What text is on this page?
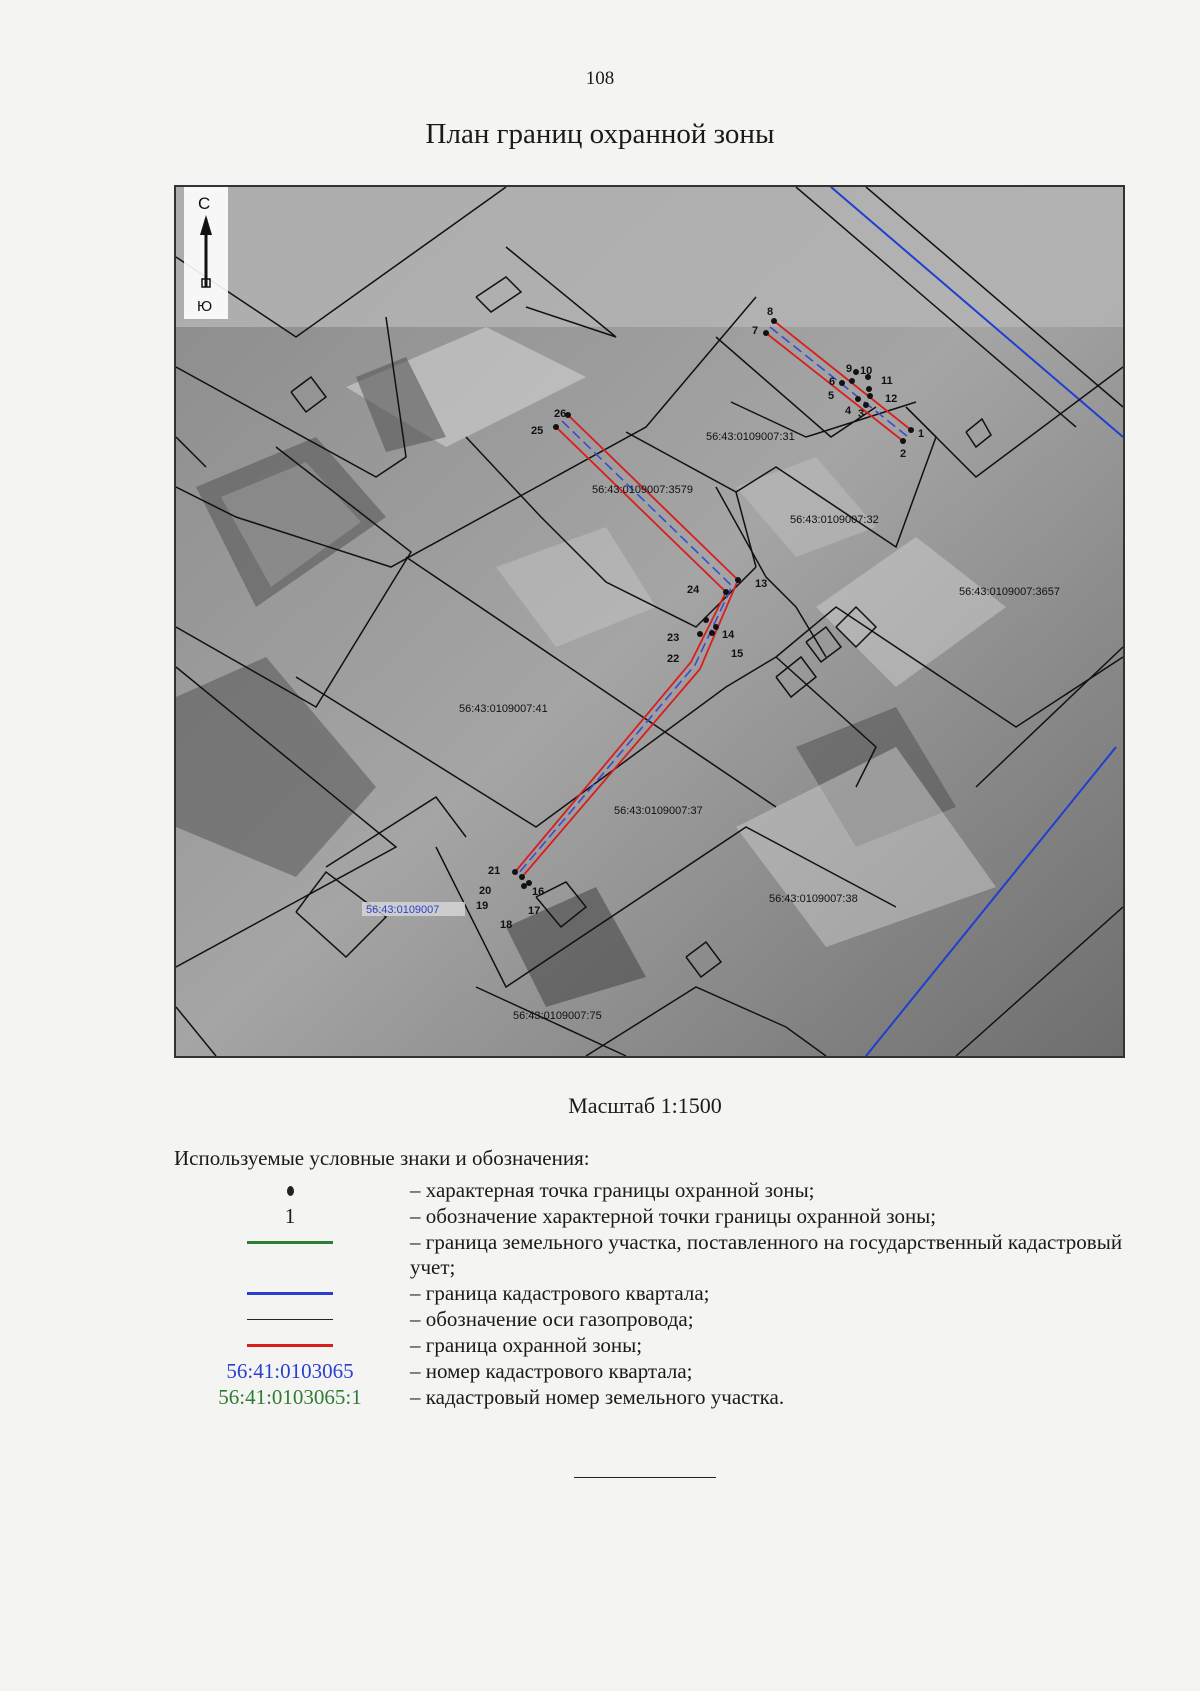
108
План границ охранной зоны
1
2
3
4
5
6
7
8
9 10
11
12
13
14
15
16
17
18
19
20
21
22
23
24
25
26
56:43:0109007:31
56:43:0109007:3579
56:43:0109007:32
56:43:0109007:3657
56:43:0109007:41
56:43:0109007:37
56:43:0109007:38
56:43:0109007:75
56:43:0109007
С
Ю
Масштаб 1:1500
Используемые условные знаки и обозначения:
– характерная точка границы охранной зоны;
1	– обозначение характерной точки границы охранной зоны;
– граница земельного участка, поставленного на государственный кадастровый учет;
– граница кадастрового квартала;
– обозначение оси газопровода;
– граница охранной зоны;
56:41:0103065	– номер кадастрового квартала;
56:41:0103065:1	– кадастровый номер земельного участка.
